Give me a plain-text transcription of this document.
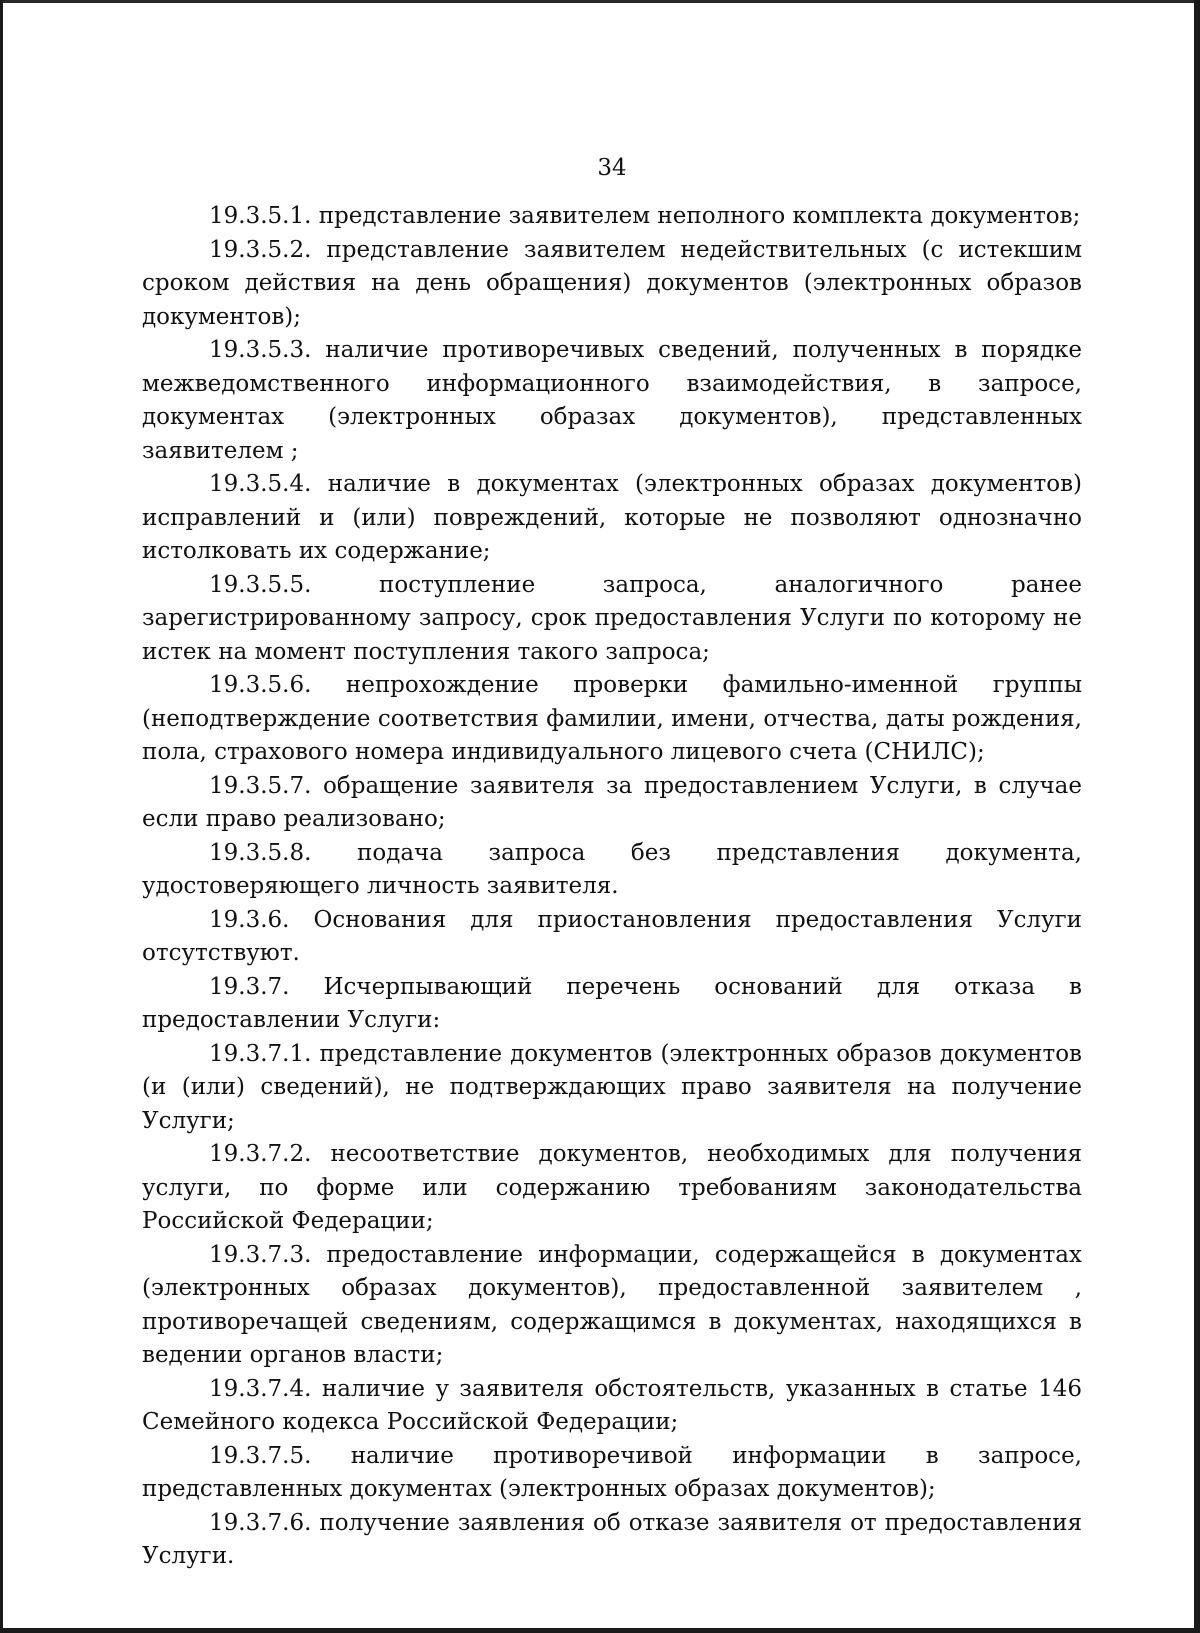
34

19.3.5.1. представление заявителем неполного комплекта документов;

19.3.5.2. представление заявителем недействительных (с истекшим сроком действия на день обращения) документов (электронных образов документов);

19.3.5.3. наличие противоречивых сведений, полученных в порядке межведомственного информационного взаимодействия, в запросе, документах (электронных образах документов), представленных заявителем ;

19.3.5.4. наличие в документах (электронных образах документов) исправлений и (или) повреждений, которые не позволяют однозначно истолковать их содержание;

19.3.5.5. поступление запроса, аналогичного ранее зарегистрированному запросу, срок предоставления Услуги по которому не истек на момент поступления такого запроса;

19.3.5.6. непрохождение проверки фамильно-именной группы (неподтверждение соответствия фамилии, имени, отчества, даты рождения, пола, страхового номера индивидуального лицевого счета (СНИЛС);

19.3.5.7. обращение заявителя за предоставлением Услуги, в случае если право реализовано;

19.3.5.8. подача запроса без представления документа, удостоверяющего личность заявителя.

19.3.6. Основания для приостановления предоставления Услуги отсутствуют.

19.3.7. Исчерпывающий перечень оснований для отказа в предоставлении Услуги:

19.3.7.1. представление документов (электронных образов документов (и (или) сведений), не подтверждающих право заявителя на получение Услуги;

19.3.7.2. несоответствие документов, необходимых для получения услуги, по форме или содержанию требованиям законодательства Российской Федерации;

19.3.7.3. предоставление информации, содержащейся в документах (электронных образах документов), предоставленной заявителем , противоречащей сведениям, содержащимся в документах, находящихся в ведении органов власти;

19.3.7.4. наличие у заявителя обстоятельств, указанных в статье 146 Семейного кодекса Российской Федерации;

19.3.7.5. наличие противоречивой информации в запросе, представленных документах (электронных образах документов);

19.3.7.6. получение заявления об отказе заявителя от предоставления Услуги.
